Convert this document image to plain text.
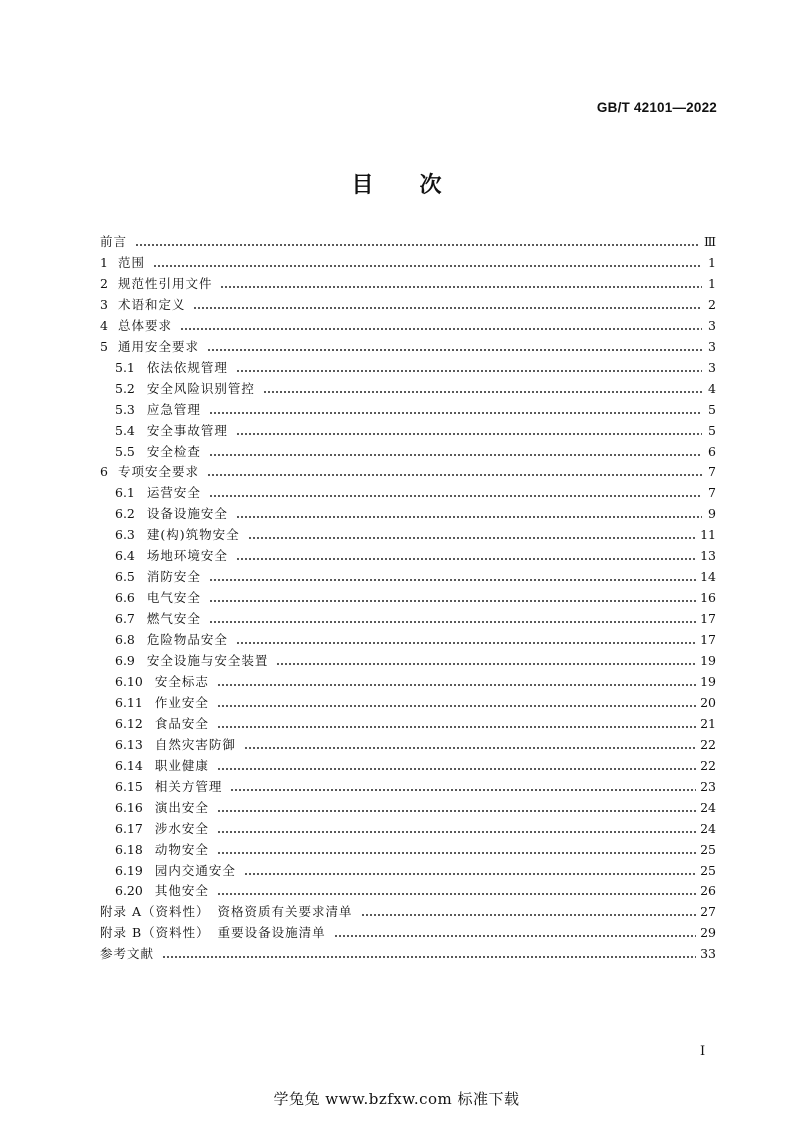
GB/T 42101—2022
目 次
前言	Ⅲ
1 范围	1
2 规范性引用文件	1
3 术语和定义	2
4 总体要求	3
5 通用安全要求	3
5.1 依法依规管理	3
5.2 安全风险识别管控	4
5.3 应急管理	5
5.4 安全事故管理	5
5.5 安全检查	6
6 专项安全要求	7
6.1 运营安全	7
6.2 设备设施安全	9
6.3 建(构)筑物安全	11
6.4 场地环境安全	13
6.5 消防安全	14
6.6 电气安全	16
6.7 燃气安全	17
6.8 危险物品安全	17
6.9 安全设施与安全装置	19
6.10 安全标志	19
6.11 作业安全	20
6.12 食品安全	21
6.13 自然灾害防御	22
6.14 职业健康	22
6.15 相关方管理	23
6.16 演出安全	24
6.17 涉水安全	24
6.18 动物安全	25
6.19 园内交通安全	25
6.20 其他安全	26
附录 A（资料性） 资格资质有关要求清单	27
附录 B（资料性） 重要设备设施清单	29
参考文献	33
I
学兔兔 www.bzfxw.com 标准下载
